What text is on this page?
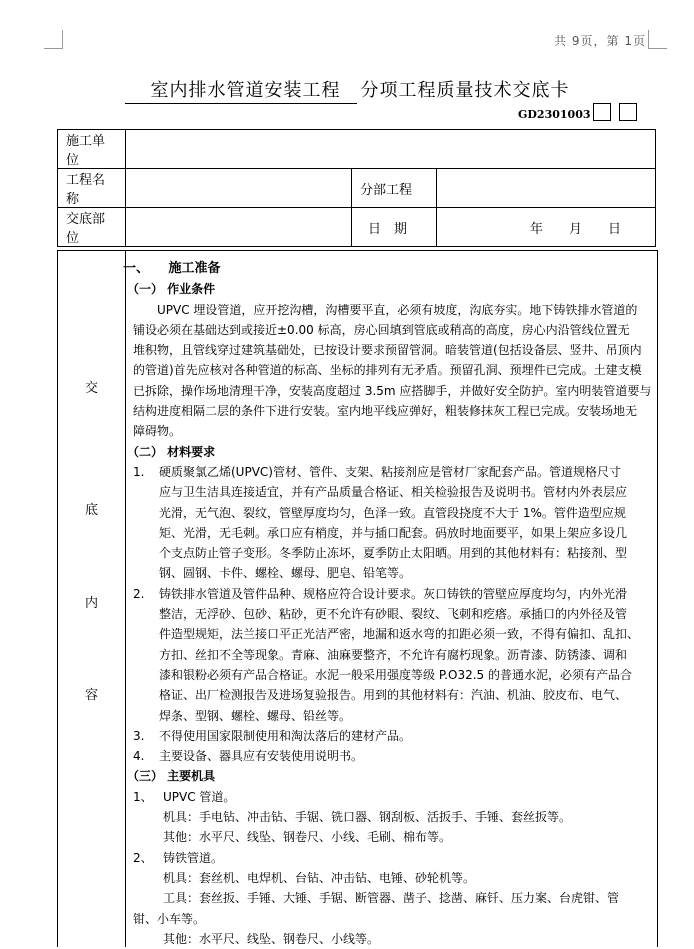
共 9页，第 1页
室内排水管道安装工程 分项工程质量技术交底卡
GD2301003
施工单位			
工程名称		分部工程	
交底部位		日　期	年　　月　　日
交
底
内
容
一、　　施工准备
（一） 作业条件
UPVC 埋设管道，应开挖沟槽，沟槽要平直，必须有坡度，沟底夯实。地下铸铁排水管道的
铺设必须在基础达到或接近±0.00 标高，房心回填到管底或稍高的高度，房心内沿管线位置无
堆积物，且管线穿过建筑基础处，已按设计要求预留管洞。暗装管道(包括设备层、竖井、吊顶内
的管道)首先应核对各种管道的标高、坐标的排列有无矛盾。预留孔洞、预埋件已完成。土建支模
已拆除，操作场地清理干净，安装高度超过 3.5m 应搭脚手，并做好安全防护。室内明装管道要与
结构进度相隔二层的条件下进行安装。室内地平线应弹好，粗装修抹灰工程已完成。安装场地无
障碍物。
（二） 材料要求
1. 硬质聚氯乙烯(UPVC)管材、管件、支架、粘接剂应是管材厂家配套产品。管道规格尺寸
应与卫生洁具连接适宜，并有产品质量合格证、相关检验报告及说明书。管材内外表层应
光滑，无气泡、裂纹，管壁厚度均匀，色泽一致。直管段挠度不大于 1%。管件造型应规
矩、光滑，无毛刺。承口应有梢度，并与插口配套。码放时地面要平，如果上架应多设几
个支点防止管子变形。冬季防止冻坏，夏季防止太阳晒。用到的其他材料有：粘接剂、型
钢、圆钢、卡件、螺栓、螺母、肥皂、铅笔等。
2. 铸铁排水管道及管件品种、规格应符合设计要求。灰口铸铁的管壁应厚度均匀，内外光滑
整洁，无浮砂、包砂、粘砂，更不允许有砂眼、裂纹、飞刺和疙瘩。承插口的内外径及管
件造型规矩，法兰接口平正光洁严密，地漏和返水弯的扣距必须一致，不得有偏扣、乱扣、
方扣、丝扣不全等现象。青麻、油麻要整齐，不允许有腐朽现象。沥青漆、防锈漆、调和
漆和银粉必须有产品合格证。水泥一般采用强度等级 P.O32.5 的普通水泥，必须有产品合
格证、出厂检测报告及进场复验报告。用到的其他材料有：汽油、机油、胶皮布、电气、
焊条、型钢、螺栓、螺母、铅丝等。
3. 不得使用国家限制使用和淘汰落后的建材产品。
4. 主要设备、器具应有安装使用说明书。
（三） 主要机具
1、 UPVC 管道。
机具：手电钻、冲击钻、手锯、铣口器、钢刮板、活扳手、手锤、套丝扳等。
其他：水平尺、线坠、钢卷尺、小线、毛刷、棉布等。
2、 铸铁管道。
机具：套丝机、电焊机、台钻、冲击钻、电锤、砂轮机等。
工具：套丝扳、手锤、大锤、手锯、断管器、凿子、捻凿、麻钎、压力案、台虎钳、管
钳、小车等。
其他：水平尺、线坠、钢卷尺、小线等。
